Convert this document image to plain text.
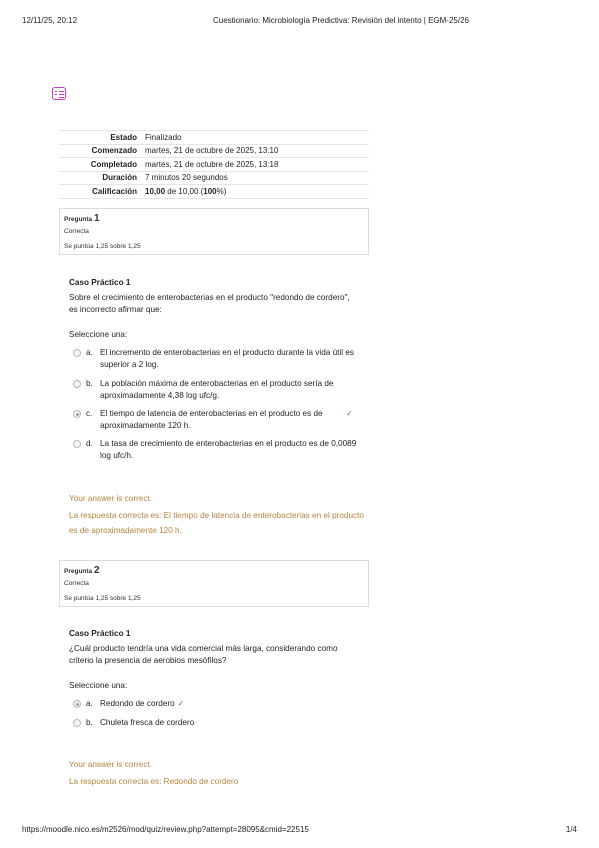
12/11/25, 20:12	Cuestionario: Microbiología Predictiva: Revisión del intento | EGM-25/26
Estado	Finalizado
Comenzado	martes, 21 de octubre de 2025, 13:10
Completado	martes, 21 de octubre de 2025, 13:18
Duración	7 minutos 20 segundos
Calificación	10,00 de 10,00 (100%)
Pregunta 1
Correcta
Se puntúa 1,25 sobre 1,25
Caso Práctico 1
Sobre el crecimiento de enterobacterias en el producto "redondo de cordero", es incorrecto afirmar que:
Seleccione una:
a. El incremento de enterobacterias en el producto durante la vida útil es superior a 2 log.
b. La población máxima de enterobacterias en el producto sería de aproximadamente 4,38 log ufc/g.
c. El tiempo de latencia de enterobacterias en el producto es de aproximadamente 120 h.
✓
d. La tasa de crecimiento de enterobacterias en el producto es de 0,0089 log ufc/h.
Your answer is correct.
La respuesta correcta es: El tiempo de latencia de enterobacterias en el producto es de aproximadamente 120 h.
Pregunta 2
Correcta
Se puntúa 1,25 sobre 1,25
Caso Práctico 1
¿Cuál producto tendría una vida comercial más larga, considerando como criterio la presencia de aerobios mesófilos?
Seleccione una:
a. Redondo de cordero ✓
b. Chuleta fresca de cordero
Your answer is correct.
La respuesta correcta es: Redondo de cordero
https://moodle.nico.es/m2526/mod/quiz/review.php?attempt=28095&cmid=22515	1/4
